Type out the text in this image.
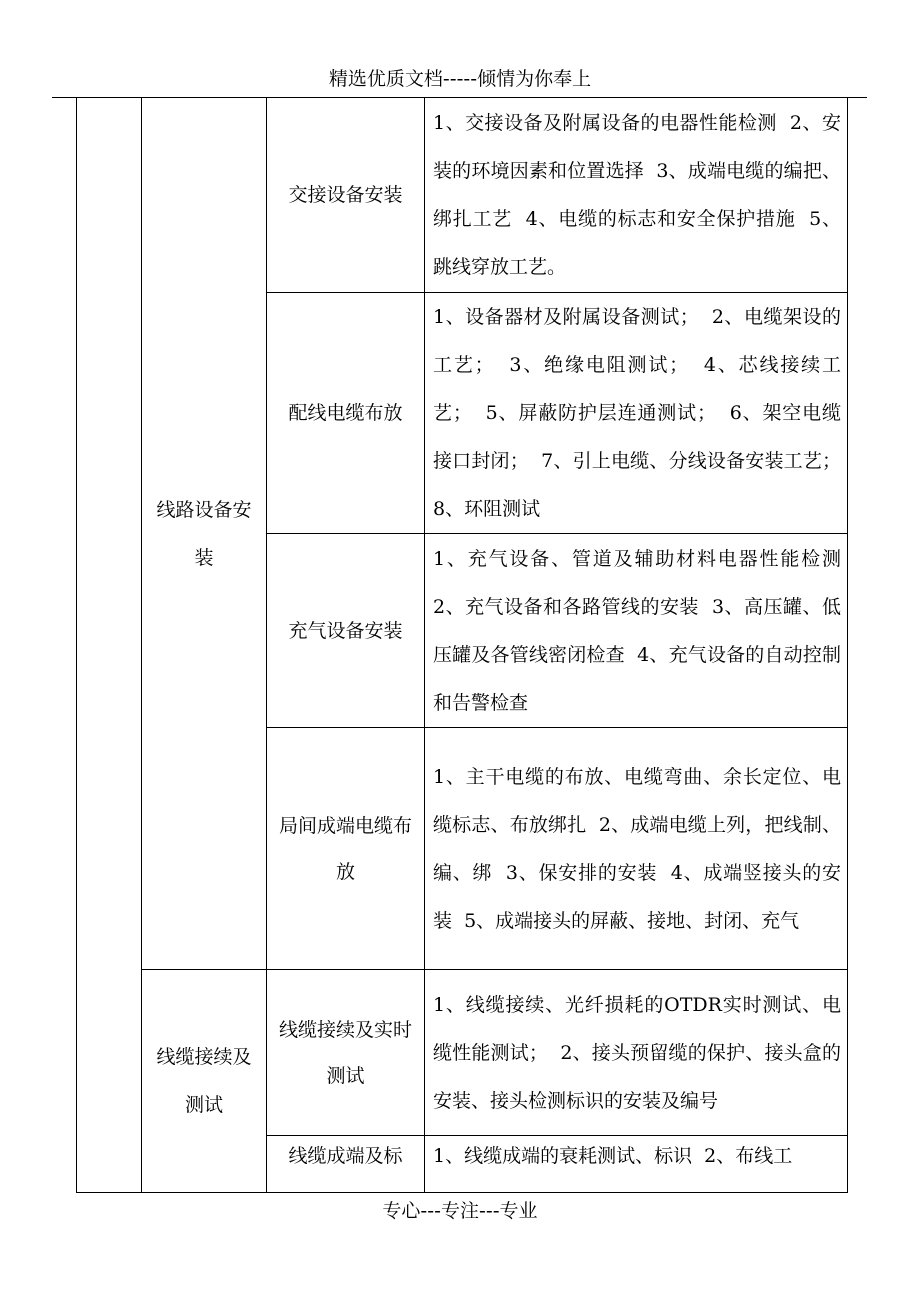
精选优质文档-----倾情为你奉上

	线路设备安装	交接设备安装	1、交接设备及附属设备的电器性能检测  2、安装的环境因素和位置选择  3、成端电缆的编把、绑扎工艺  4、电缆的标志和安全保护措施  5、跳线穿放工艺。

		配线电缆布放	1、设备器材及附属设备测试；  2、电缆架设的工艺；  3、绝缘电阻测试；  4、芯线接续工艺；  5、屏蔽防护层连通测试；  6、架空电缆接口封闭；  7、引上电缆、分线设备安装工艺；  8、环阻测试

		充气设备安装	1、充气设备、管道及辅助材料电器性能检测  2、充气设备和各路管线的安装  3、高压罐、低压罐及各管线密闭检查  4、充气设备的自动控制和告警检查

		局间成端电缆布放	1、主干电缆的布放、电缆弯曲、余长定位、电缆标志、布放绑扎  2、成端电缆上列，把线制、编、绑  3、保安排的安装  4、成端竖接头的安装  5、成端接头的屏蔽、接地、封闭、充气

	线缆接续及测试	线缆接续及实时测试	1、线缆接续、光纤损耗的OTDR实时测试、电缆性能测试；  2、接头预留缆的保护、接头盒的安装、接头检测标识的安装及编号

		线缆成端及标	1、线缆成端的衰耗测试、标识  2、布线工
专心---专注---专业
